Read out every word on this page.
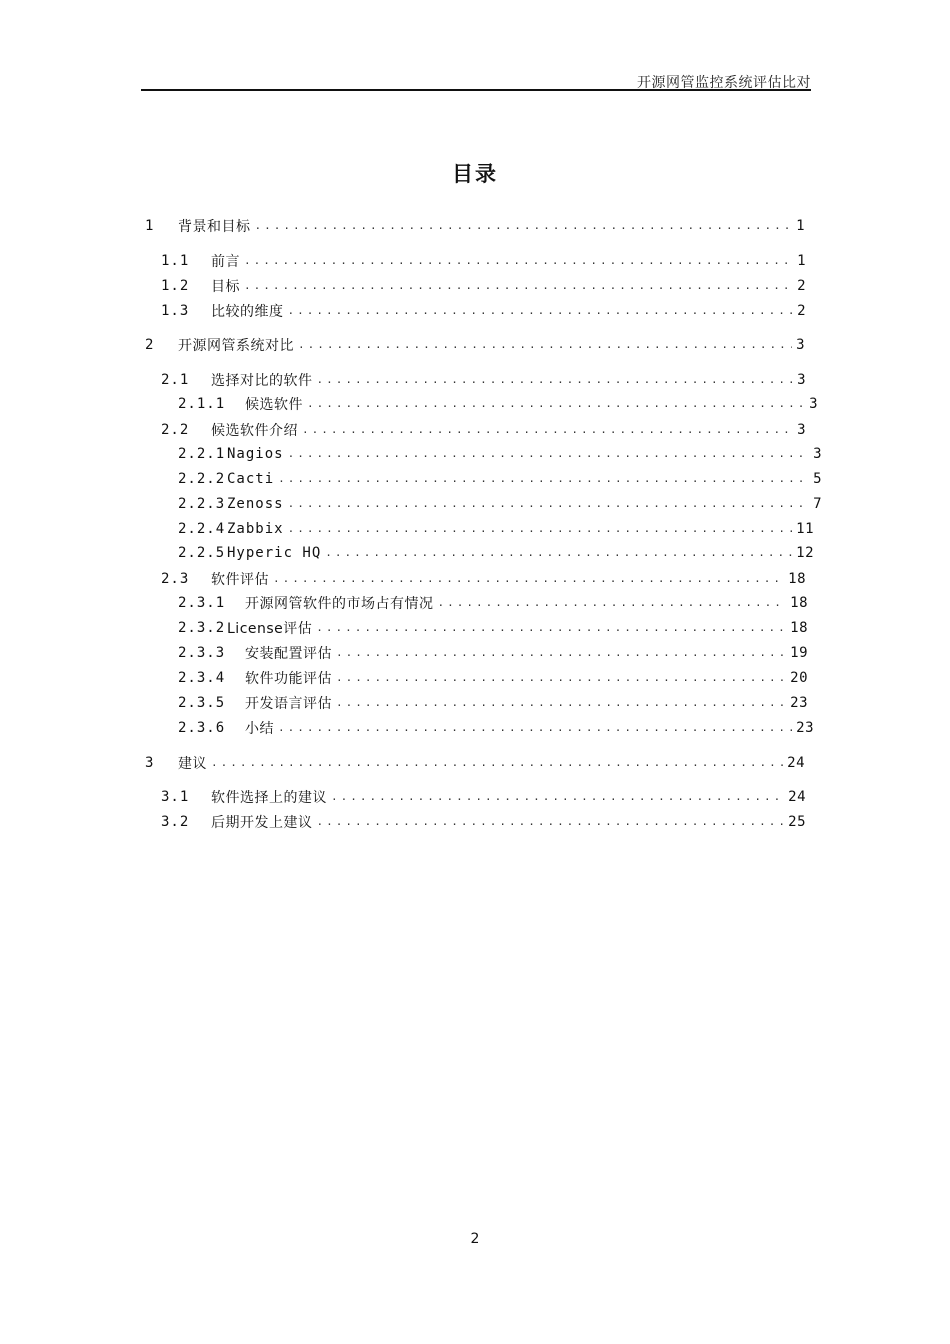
开源网管监控系统评估比对
目录
1	背景和目标 .....	1
1.1	前言 .....	1
1.2	目标 .....	2
1.3	比较的维度 .....	2
2	开源网管系统对比 .....	3
2.1	选择对比的软件 .....	3
2.1.1	候选软件 .....	3
2.2	候选软件介绍 .....	3
2.2.1 Nagios .....	3
2.2.2 Cacti .....	5
2.2.3 Zenoss .....	7
2.2.4 Zabbix .....	11
2.2.5 Hyperic HQ .....	12
2.3	软件评估 .....	18
2.3.1	开源网管软件的市场占有情况 .....	18
2.3.2 License评估 .....	18
2.3.3	安装配置评估 .....	19
2.3.4	软件功能评估 .....	20
2.3.5	开发语言评估 .....	23
2.3.6	小结 .....	23
3	建议 .....	24
3.1	软件选择上的建议 .....	24
3.2	后期开发上建议 .....	25
2
